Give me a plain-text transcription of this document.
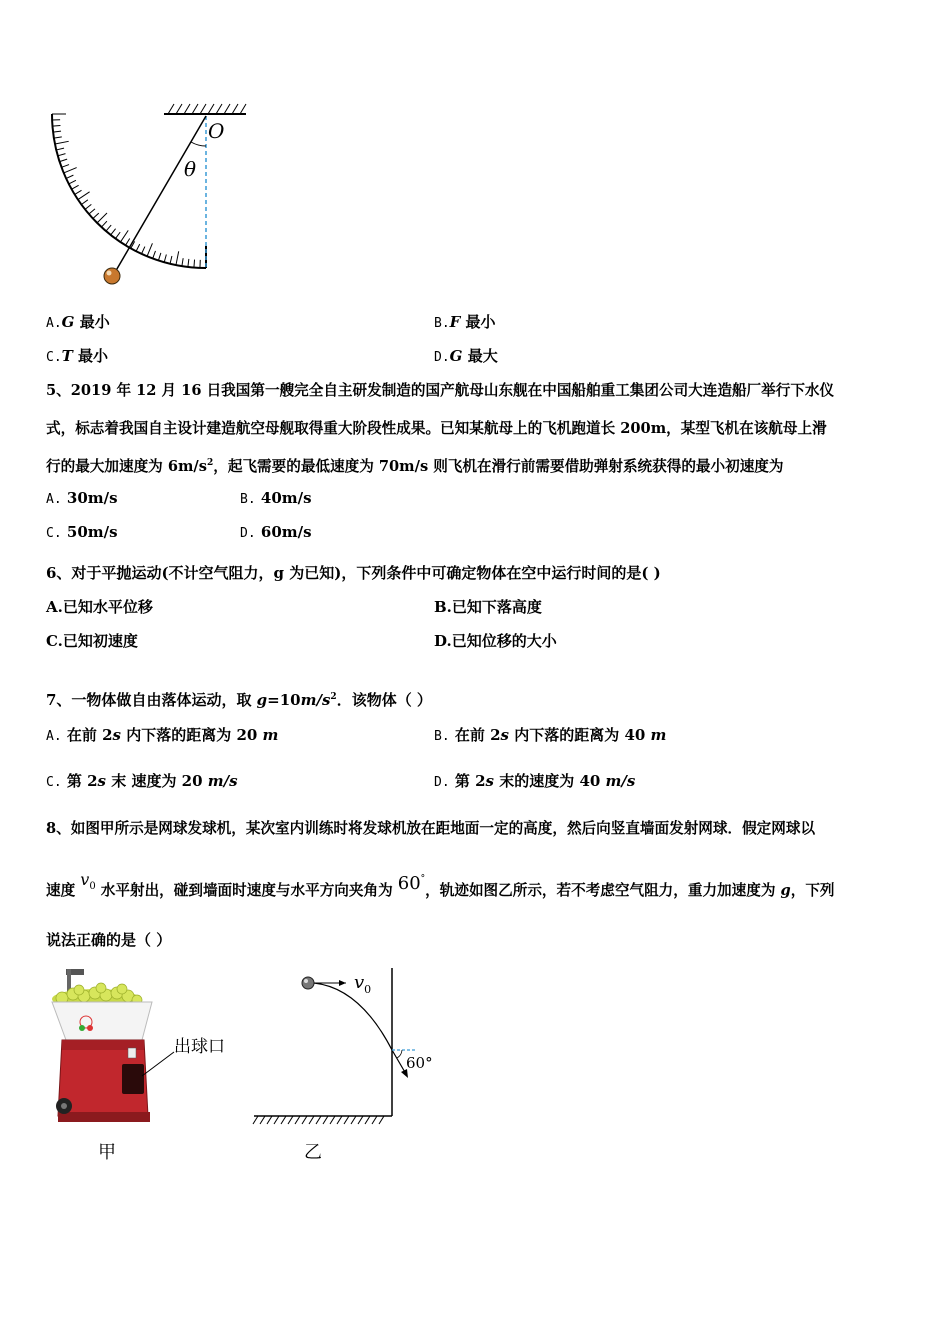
O
θ
A.G 最小	B.F 最小
C.T 最小	D.G 最大
5、2019 年 12 月 16 日我国第一艘完全自主研发制造的国产航母山东舰在中国船舶重工集团公司大连造船厂举行下水仪
式，标志着我国自主设计建造航空母舰取得重大阶段性成果。已知某航母上的飞机跑道长 200m，某型飞机在该航母上滑
行的最大加速度为 $6m/s^2$，起飞需要的最低速度为 70m/s 则飞机在滑行前需要借助弹射系统获得的最小初速度为
A. 30m/s	B. 40m/s
C. 50m/s	D. 60m/s
6、对于平抛运动(不计空气阻力，g 为已知)，下列条件中可确定物体在空中运行时间的是( )
A.已知水平位移	B.已知下落高度
C.已知初速度	D.已知位移的大小
7、一物体做自由落体运动，取 $g=10m/s^2$．该物体（ ）
A. 在前 2s 内下落的距离为 20 m	B. 在前 2s 内下落的距离为 40 m
C. 第 2s 末 速度为 20 m/s	D. 第 2s 末的速度为 40 m/s
8、如图甲所示是网球发球机，某次室内训练时将发球机放在距地面一定的高度，然后向竖直墙面发射网球．假定网球以
速度 $v^0$ 水平射出，碰到墙面时速度与水平方向夹角为 60°，轨迹如图乙所示，若不考虑空气阻力，重力加速度为 g，下列
说法正确的是（ ）
出球口
甲
$v_0$
60°
乙
